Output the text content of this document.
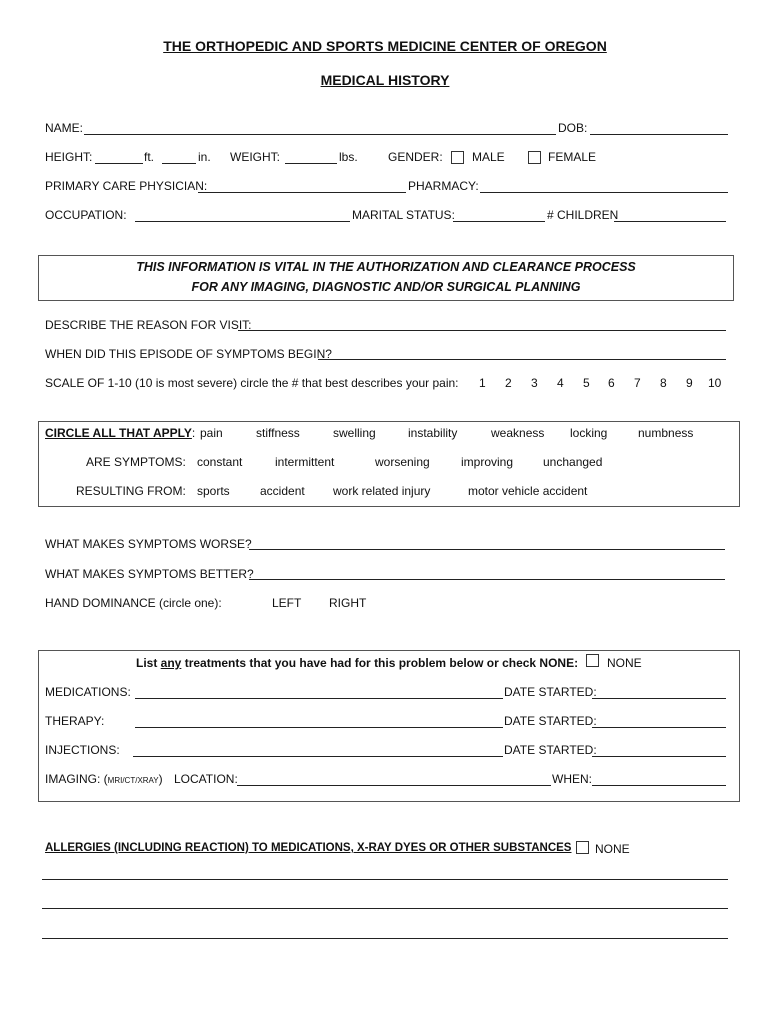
THE ORTHOPEDIC AND SPORTS MEDICINE CENTER OF OREGON
MEDICAL HISTORY
NAME:	DOB:
HEIGHT:	ft.	in. WEIGHT:	lbs.	GENDER: MALE	FEMALE
PRIMARY CARE PHYSICIAN:	PHARMACY:
OCCUPATION:	MARITAL STATUS:	# CHILDREN
THIS INFORMATION IS VITAL IN THE AUTHORIZATION AND CLEARANCE PROCESS
FOR ANY IMAGING, DIAGNOSTIC AND/OR SURGICAL PLANNING
DESCRIBE THE REASON FOR VISIT:
WHEN DID THIS EPISODE OF SYMPTOMS BEGIN?
SCALE OF 1-10 (10 is most severe) circle the # that best describes your pain: 1 2 3 4 5 6 7 8 9 10
CIRCLE ALL THAT APPLY: pain	stiffness	swelling	instability	weakness locking	numbness
ARE SYMPTOMS: constant	intermittent	worsening	improving unchanged
RESULTING FROM: sports	accident work related injury	motor vehicle accident
WHAT MAKES SYMPTOMS WORSE?
WHAT MAKES SYMPTOMS BETTER?
HAND DOMINANCE (circle one):	LEFT RIGHT
List any treatments that you have had for this problem below or check NONE: NONE
MEDICATIONS:	DATE STARTED:
THERAPY:	DATE STARTED:
INJECTIONS:	DATE STARTED:
IMAGING: (MRI/CT/XRAY) LOCATION:	WHEN:
ALLERGIES (INCLUDING REACTION) TO MEDICATIONS, X-RAY DYES OR OTHER SUBSTANCES NONE
